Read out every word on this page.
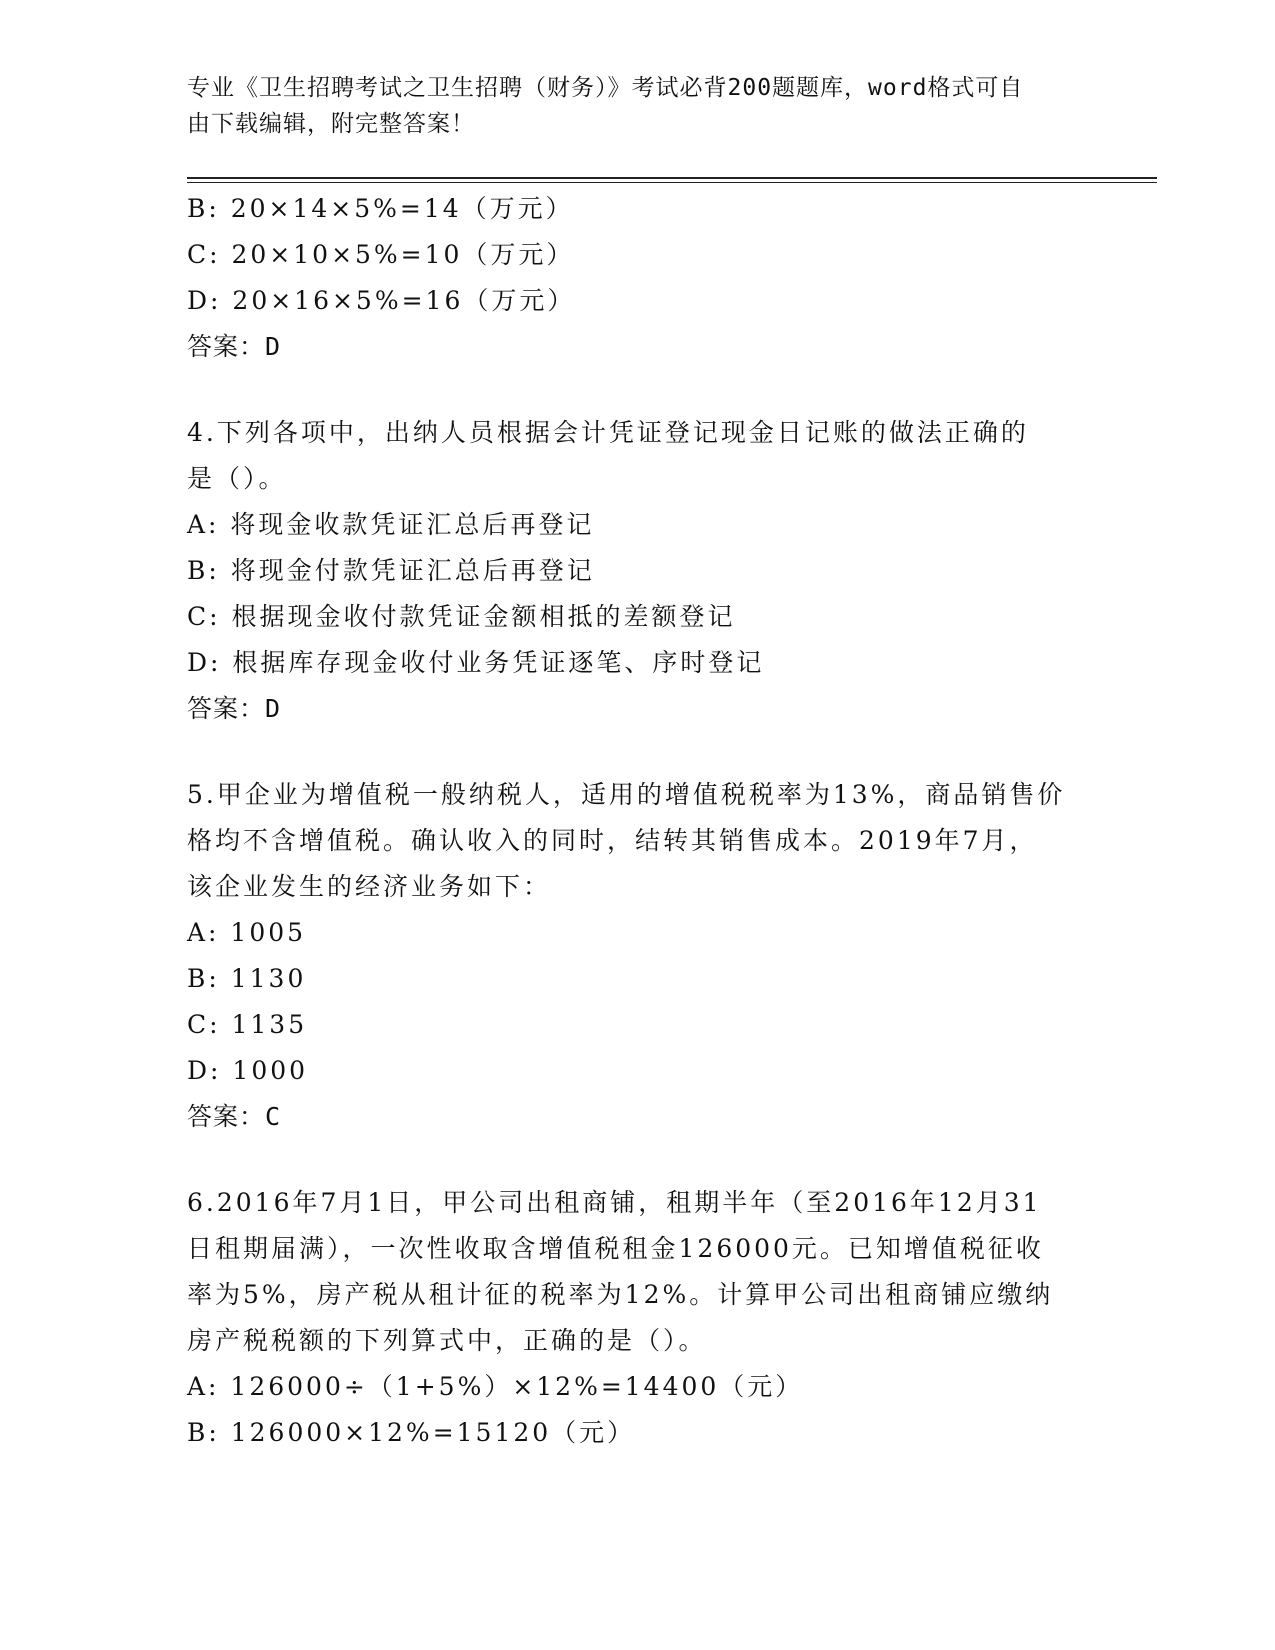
专业《卫生招聘考试之卫生招聘（财务）》考试必背200题题库，word格式可自
由下载编辑，附完整答案！
B: 20×14×5%=14（万元）
C: 20×10×5%=10（万元）
D: 20×16×5%=16（万元）
答案：D
4.下列各项中，出纳人员根据会计凭证登记现金日记账的做法正确的
是（）。
A: 将现金收款凭证汇总后再登记
B: 将现金付款凭证汇总后再登记
C: 根据现金收付款凭证金额相抵的差额登记
D: 根据库存现金收付业务凭证逐笔、序时登记
答案：D
5.甲企业为增值税一般纳税人，适用的增值税税率为13%，商品销售价
格均不含增值税。确认收入的同时，结转其销售成本。2019年7月，
该企业发生的经济业务如下：
A: 1005
B: 1130
C: 1135
D: 1000
答案：C
6.2016年7月1日，甲公司出租商铺，租期半年（至2016年12月31
日租期届满），一次性收取含增值税租金126000元。已知增值税征收
率为5%，房产税从租计征的税率为12%。计算甲公司出租商铺应缴纳
房产税税额的下列算式中，正确的是（）。
A: 126000÷（1+5%）×12%=14400（元）
B: 126000×12%=15120（元）
